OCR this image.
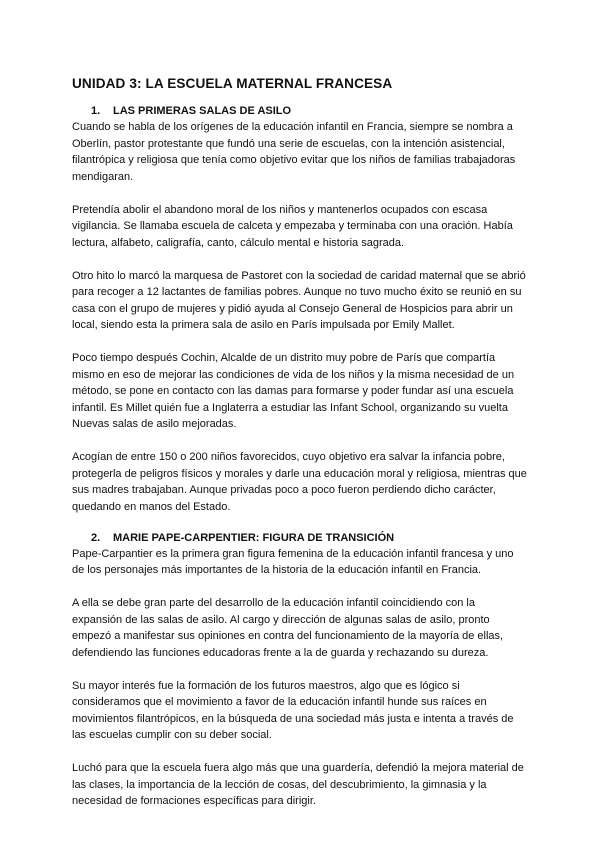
UNIDAD 3: LA ESCUELA MATERNAL FRANCESA
1.	LAS PRIMERAS SALAS DE ASILO

Cuando se habla de los orígenes de la educación infantil en Francia, siempre se nombra a Oberlín, pastor protestante que fundó una serie de escuelas, con la intención asistencial, filantrópica y religiosa que tenía como objetivo evitar que los niños de familias trabajadoras mendigaran.

Pretendía abolir el abandono moral de los niños y mantenerlos ocupados con escasa vigilancia. Se llamaba escuela de calceta y empezaba y terminaba con una oración. Había lectura, alfabeto, caligrafía, canto, cálculo mental e historia sagrada.

Otro hito lo marcó la marquesa de Pastoret con la sociedad de caridad maternal que se abrió para recoger a 12 lactantes de familias pobres. Aunque no tuvo mucho éxito se reunió en su casa con el grupo de mujeres y pidió ayuda al Consejo General de Hospicios para abrir un local, siendo esta la primera sala de asilo en París impulsada por Emily Mallet.

Poco tiempo después Cochin, Alcalde de un distrito muy pobre de París que compartía mismo en eso de mejorar las condiciones de vida de los niños y la misma necesidad de un método, se pone en contacto con las damas para formarse y poder fundar así una escuela infantil. Es Millet quién fue a Inglaterra a estudiar las Infant School, organizando su vuelta Nuevas salas de asilo mejoradas.

Acogían de entre 150 o 200 niños favorecidos, cuyo objetivo era salvar la infancia pobre, protegerla de peligros físicos y morales y darle una educación moral y religiosa, mientras que sus madres trabajaban. Aunque privadas poco a poco fueron perdiendo dicho carácter, quedando en manos del Estado.

2.	MARIE PAPE-CARPENTIER: FIGURA DE TRANSICIÓN

Pape-Carpantier es la primera gran figura femenina de la educación infantil francesa y uno de los personajes más importantes de la historia de la educación infantil en Francia.

A ella se debe gran parte del desarrollo de la educación infantil coincidiendo con la expansión de las salas de asilo. Al cargo y dirección de algunas salas de asilo, pronto empezó a manifestar sus opiniones en contra del funcionamiento de la mayoría de ellas, defendiendo las funciones educadoras frente a la de guarda y rechazando su dureza.

Su mayor interés fue la formación de los futuros maestros, algo que es lógico si consideramos que el movimiento a favor de la educación infantil hunde sus raíces en movimientos filantrópicos, en la búsqueda de una sociedad más justa e intenta a través de las escuelas cumplir con su deber social.

Luchó para que la escuela fuera algo más que una guardería, defendió la mejora material de las clases, la importancia de la lección de cosas, del descubrimiento, la gimnasia y la necesidad de formaciones específicas para dirigir.
